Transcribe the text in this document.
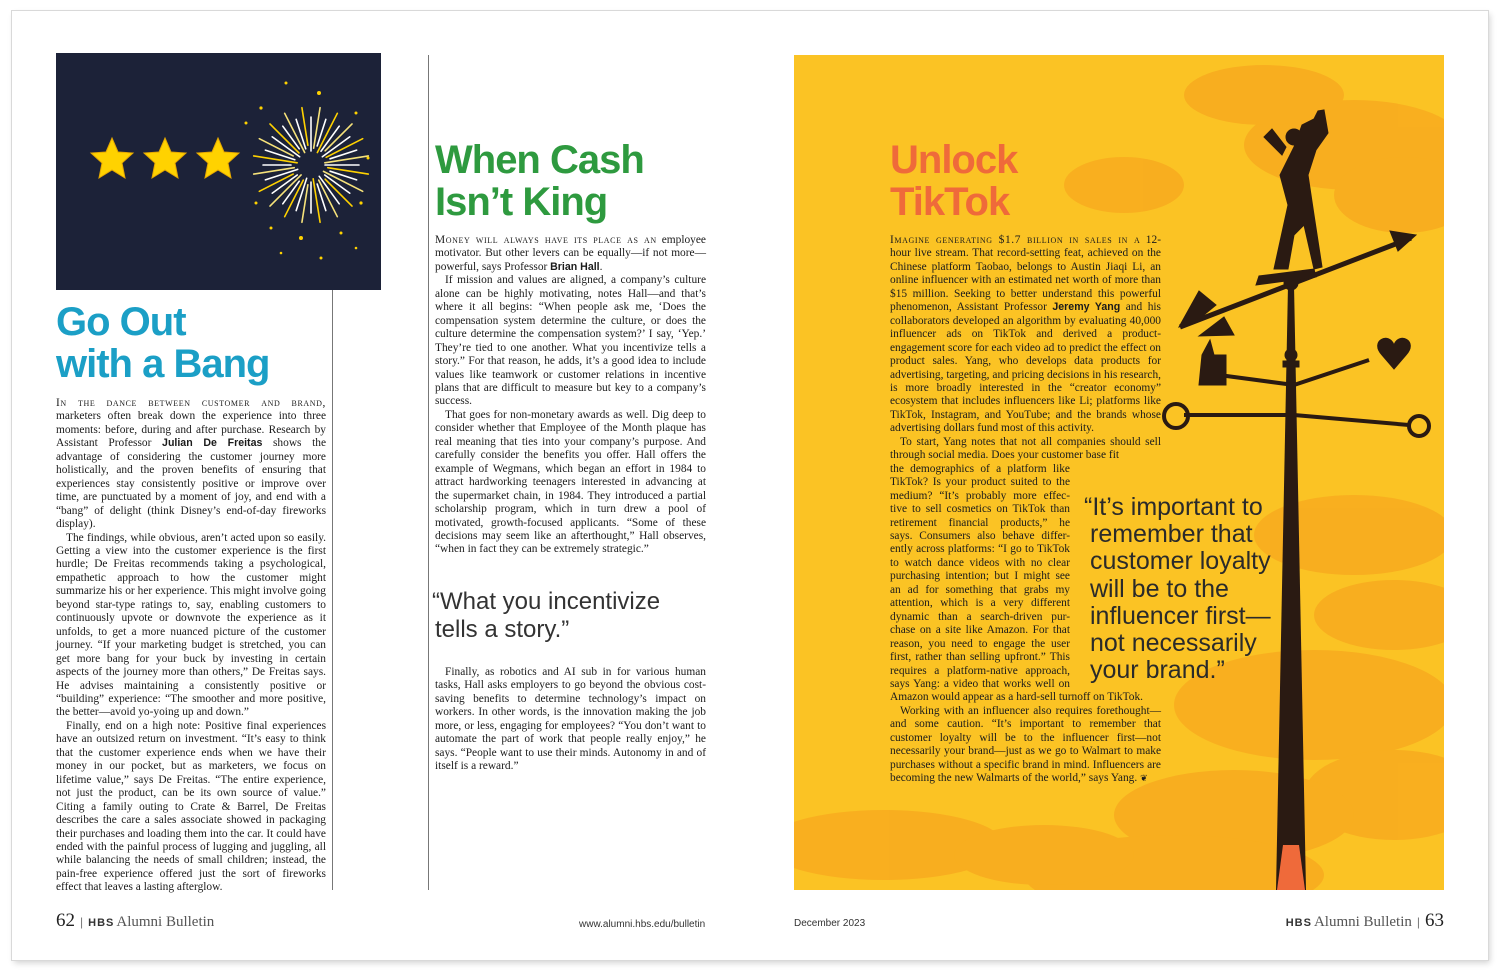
Go Out
with a Bang

In the dance between customer and brand, marketers often break down the experience into three moments: before, during and after purchase. Research by Assistant Professor Julian De Freitas shows the advantage of considering the customer journey more holistically, and the proven benefits of ensuring that experiences stay consistently positive or improve over time, are punctuated by a moment of joy, and end with a “bang” of delight (think Disney’s end-of-day fireworks display).

The findings, while obvious, aren’t acted upon so easily. Getting a view into the customer experience is the first hurdle; De Freitas recommends taking a psychological, empathetic approach to how the customer might summarize his or her experience. This might involve going beyond star-type ratings to, say, enabling customers to continuously upvote or downvote the experience as it unfolds, to get a more nuanced picture of the customer journey. “If your marketing budget is stretched, you can get more bang for your buck by investing in certain aspects of the journey more than others,” De Freitas says. He advises maintaining a consistently positive or “building” experience: “The smoother and more positive, the better—avoid yo-yoing up and down.”

Finally, end on a high note: Positive final experiences have an outsized return on investment. “It’s easy to think that the customer experience ends when we have their money in our pocket, but as marketers, we focus on lifetime value,” says De Freitas. “The entire experience, not just the product, can be its own source of value.” Citing a family outing to Crate & Barrel, De Freitas describes the care a sales associate showed in packaging their purchases and loading them into the car. It could have ended with the painful process of lugging and juggling, all while balancing the needs of small children; instead, the pain-free experience offered just the sort of fireworks effect that leaves a lasting afterglow.

When Cash
Isn’t King

Money will always have its place as an employee motivator. But other levers can be equally—if not more—powerful, says Professor Brian Hall.

If mission and values are aligned, a company’s culture alone can be highly motivating, notes Hall—and that’s where it all begins: “When people ask me, ‘Does the compensation system determine the culture, or does the culture determine the compensation system?’ I say, ‘Yep.’ They’re tied to one another. What you incentivize tells a story.” For that reason, he adds, it’s a good idea to include values like teamwork or customer relations in incentive plans that are difficult to measure but key to a company’s success.

That goes for non-monetary awards as well. Dig deep to consider whether that Employee of the Month plaque has real meaning that ties into your company’s purpose. And carefully consider the benefits you offer. Hall offers the example of Wegmans, which began an effort in 1984 to attract hardworking teenagers interested in advancing at the supermarket chain, in 1984. They introduced a partial scholarship program, which in turn drew a pool of motivated, growth-focused applicants. “Some of these decisions may seem like an afterthought,” Hall observes, “when in fact they can be extremely strategic.”

“What you incentivize
tells a story.”

Finally, as robotics and AI sub in for various human tasks, Hall asks employers to go beyond the obvious cost-saving benefits to determine technology’s impact on workers. In other words, is the innovation making the job more, or less, engaging for employees? “You don’t want to automate the part of work that people really enjoy,” he says. “People want to use their minds. Autonomy in and of itself is a reward.”

Unlock
TikTok

Imagine generating $1.7 billion in sales in a 12-hour live stream. That record-setting feat, achieved on the Chinese platform Taobao, belongs to Austin Jiaqi Li, an online influencer with an estimated net worth of more than $15 million. Seeking to better understand this powerful phenomenon, Assistant Professor Jeremy Yang and his collaborators developed an algorithm by evaluating 40,000 influencer ads on TikTok and derived a product-engagement score for each video ad to predict the effect on product sales. Yang, who develops data products for advertising, targeting, and pricing decisions in his research, is more broadly interested in the “creator economy” ecosystem that includes influencers like Li; platforms like TikTok, Instagram, and YouTube; and the brands whose advertising dollars fund most of this activity.

To start, Yang notes that not all companies should sell through social media. Does your customer base fit

the demographics of a platform like
TikTok? Is your product suited to the
medium? “It’s probably more effec-
tive to sell cosmetics on TikTok than
retirement financial products,” he
says. Consumers also behave differ-
ently across platforms: “I go to TikTok
to watch dance videos with no clear
purchasing intention; but I might see
an ad for something that grabs my
attention, which is a very different
dynamic than a search-driven pur-
chase on a site like Amazon. For that
reason, you need to engage the user
first, rather than selling upfront.” This
requires a platform-native approach,
says Yang: a video that works well on
Amazon would appear as a hard-sell turnoff on TikTok.

Working with an influencer also requires forethought—and some caution. “It’s important to remember that customer loyalty will be to the influencer first—not necessarily your brand—just as we go to Walmart to make purchases without a specific brand in mind. Influencers are becoming the new Walmarts of the world,” says Yang. ❦

“It’s important to
remember that
customer loyalty
will be to the
influencer first—
not necessarily
your brand.”
62 | HBS Alumni Bulletin	www.alumni.hbs.edu/bulletin	December 2023	HBS Alumni Bulletin | 63
